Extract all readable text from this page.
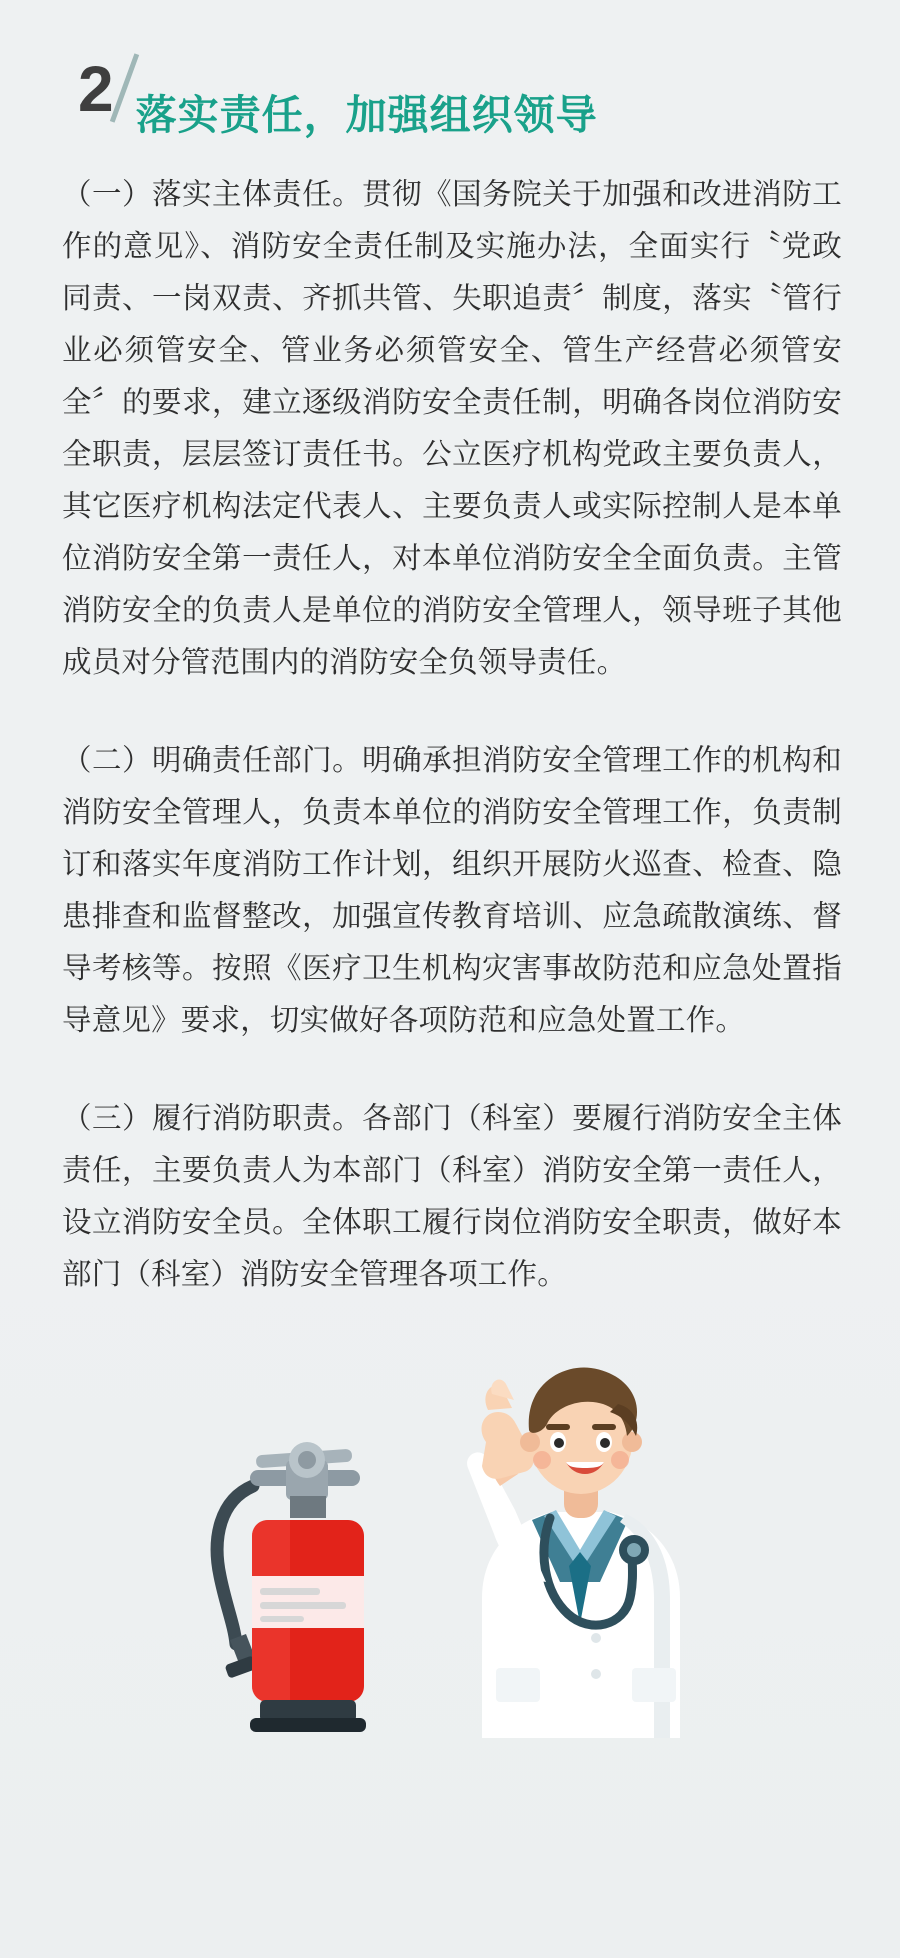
2 落实责任，加强组织领导

（一）落实主体责任。贯彻《国务院关于加强和改进消防工作的意见》、消防安全责任制及实施办法，全面实行〝党政同责、一岗双责、齐抓共管、失职追责〞制度，落实〝管行业必须管安全、管业务必须管安全、管生产经营必须管安全〞的要求，建立逐级消防安全责任制，明确各岗位消防安全职责，层层签订责任书。公立医疗机构党政主要负责人，其它医疗机构法定代表人、主要负责人或实际控制人是本单位消防安全第一责任人，对本单位消防安全全面负责。主管消防安全的负责人是单位的消防安全管理人，领导班子其他成员对分管范围内的消防安全负领导责任。

（二）明确责任部门。明确承担消防安全管理工作的机构和消防安全管理人，负责本单位的消防安全管理工作，负责制订和落实年度消防工作计划，组织开展防火巡查、检查、隐患排查和监督整改，加强宣传教育培训、应急疏散演练、督导考核等。按照《医疗卫生机构灾害事故防范和应急处置指导意见》要求，切实做好各项防范和应急处置工作。

（三）履行消防职责。各部门（科室）要履行消防安全主体责任，主要负责人为本部门（科室）消防安全第一责任人，设立消防安全员。全体职工履行岗位消防安全职责，做好本部门（科室）消防安全管理各项工作。
